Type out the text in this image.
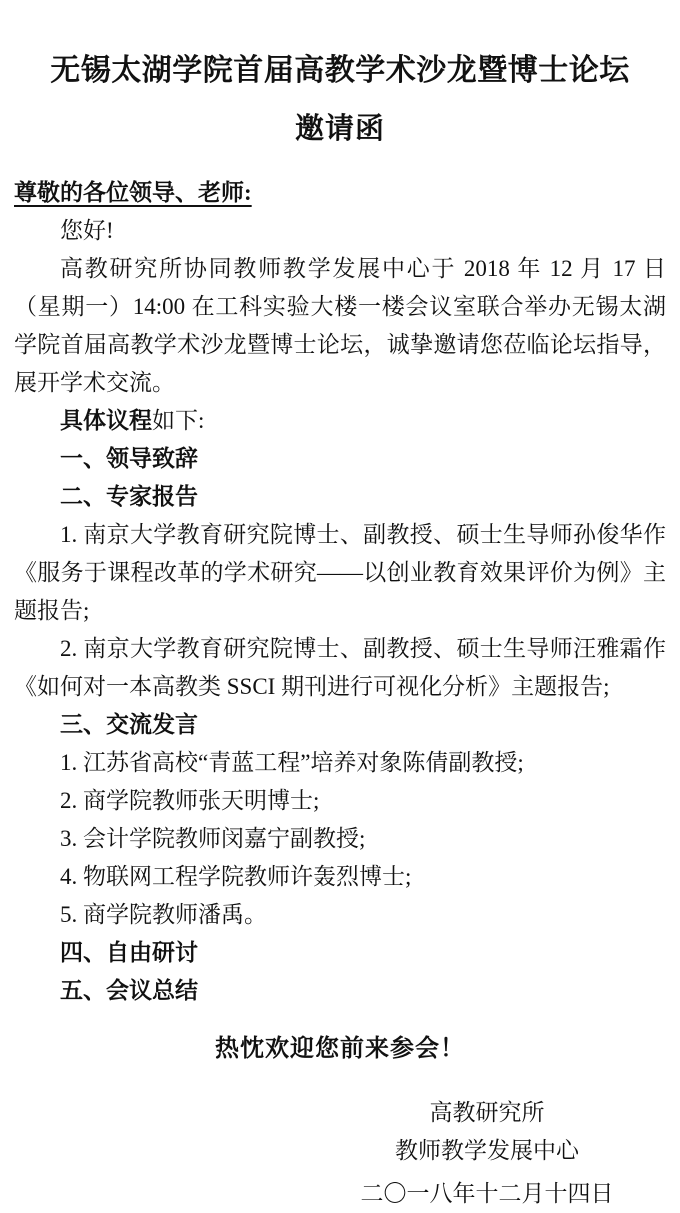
无锡太湖学院首届高教学术沙龙暨博士论坛
邀请函

尊敬的各位领导、老师:

您好!

高教研究所协同教师教学发展中心于 2018 年 12 月 17 日（星期一）14:00 在工科实验大楼一楼会议室联合举办无锡太湖学院首届高教学术沙龙暨博士论坛，诚挚邀请您莅临论坛指导，展开学术交流。

具体议程如下:

一、领导致辞

二、专家报告

1. 南京大学教育研究院博士、副教授、硕士生导师孙俊华作《服务于课程改革的学术研究——以创业教育效果评价为例》主题报告;

2. 南京大学教育研究院博士、副教授、硕士生导师汪雅霜作《如何对一本高教类 SSCI 期刊进行可视化分析》主题报告;

三、交流发言

1. 江苏省高校“青蓝工程”培养对象陈倩副教授;

2. 商学院教师张天明博士;

3. 会计学院教师闵嘉宁副教授;

4. 物联网工程学院教师许轰烈博士;

5. 商学院教师潘禹。

四、自由研讨

五、会议总结

热忱欢迎您前来参会！

高教研究所

教师教学发展中心

二〇一八年十二月十四日
